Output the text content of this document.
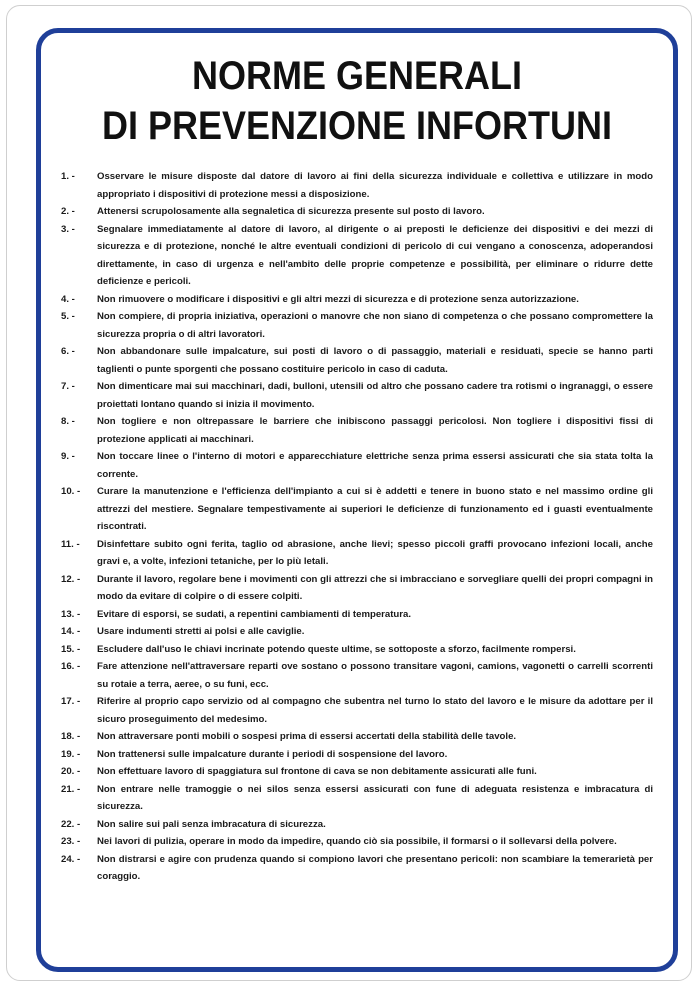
NORME GENERALI
DI PREVENZIONE INFORTUNI
1. -	Osservare le misure disposte dal datore di lavoro ai fini della sicurezza individuale e collettiva e utilizzare in modo appropriato i dispositivi di protezione messi a disposizione.
2. -	Attenersi scrupolosamente alla segnaletica di sicurezza presente sul posto di lavoro.
3. -	Segnalare immediatamente al datore di lavoro, al dirigente o ai preposti le deficienze dei dispositivi e dei mezzi di sicurezza e di protezione, nonché le altre eventuali condizioni di pericolo di cui vengano a conoscenza, adoperandosi direttamente, in caso di urgenza e nell'ambito delle proprie competenze e possibilità, per eliminare o ridurre dette deficienze e pericoli.
4. -	Non rimuovere o modificare i dispositivi e gli altri mezzi di sicurezza e di protezione senza autorizzazione.
5. -	Non compiere, di propria iniziativa, operazioni o manovre che non siano di competenza o che possano compromettere la sicurezza propria o di altri lavoratori.
6. -	Non abbandonare sulle impalcature, sui posti di lavoro o di passaggio, materiali e residuati, specie se hanno parti taglienti o punte sporgenti che possano costituire pericolo in caso di caduta.
7. -	Non dimenticare mai sui macchinari, dadi, bulloni, utensili od altro che possano cadere tra rotismi o ingranaggi, o essere proiettati lontano quando si inizia il movimento.
8. -	Non togliere e non oltrepassare le barriere che inibiscono passaggi pericolosi. Non togliere i dispositivi fissi di protezione applicati ai macchinari.
9. -	Non toccare linee o l'interno di motori e apparecchiature elettriche senza prima essersi assicurati che sia stata tolta la corrente.
10. -	Curare la manutenzione e l'efficienza dell'impianto a cui si è addetti e tenere in buono stato e nel massimo ordine gli attrezzi del mestiere. Segnalare tempestivamente ai superiori le deficienze di funzionamento ed i guasti eventualmente riscontrati.
11. -	Disinfettare subito ogni ferita, taglio od abrasione, anche lievi; spesso piccoli graffi provocano infezioni locali, anche gravi e, a volte, infezioni tetaniche, per lo più letali.
12. -	Durante il lavoro, regolare bene i movimenti con gli attrezzi che si imbracciano e sorvegliare quelli dei propri compagni in modo da evitare di colpire o di essere colpiti.
13. -	Evitare di esporsi, se sudati, a repentini cambiamenti di temperatura.
14. -	Usare indumenti stretti ai polsi e alle caviglie.
15. -	Escludere dall'uso le chiavi incrinate potendo queste ultime, se sottoposte a sforzo, facilmente rompersi.
16. -	Fare attenzione nell'attraversare reparti ove sostano o possono transitare vagoni, camions, vagonetti o carrelli scorrenti su rotaie a terra, aeree, o su funi, ecc.
17. -	Riferire al proprio capo servizio od al compagno che subentra nel turno lo stato del lavoro e le misure da adottare per il sicuro proseguimento del medesimo.
18. -	Non attraversare ponti mobili o sospesi prima di essersi accertati della stabilità delle tavole.
19. -	Non trattenersi sulle impalcature durante i periodi di sospensione del lavoro.
20. -	Non effettuare lavoro di spaggiatura sul frontone di cava se non debitamente assicurati alle funi.
21. -	Non entrare nelle tramoggie o nei silos senza essersi assicurati con fune di adeguata resistenza e imbracatura di sicurezza.
22. -	Non salire sui pali senza imbracatura di sicurezza.
23. -	Nei lavori di pulizia, operare in modo da impedire, quando ciò sia possibile, il formarsi o il sollevarsi della polvere.
24. -	Non distrarsi e agire con prudenza quando si compiono lavori che presentano pericoli: non scambiare la temerarietà per coraggio.
